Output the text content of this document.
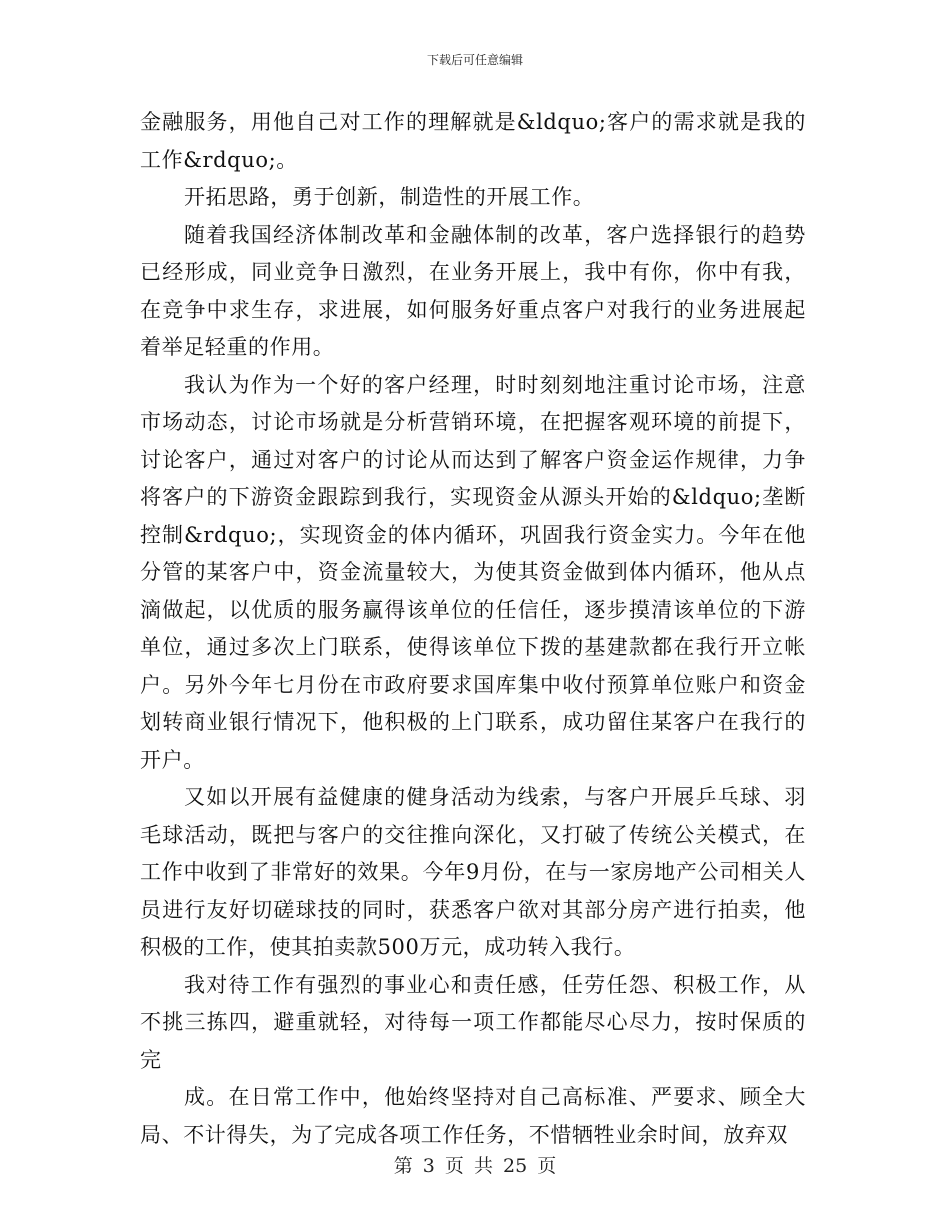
下载后可任意编辑

金融服务，用他自己对工作的理解就是&ldquo;客户的需求就是我的工作&rdquo;。

开拓思路，勇于创新，制造性的开展工作。

随着我国经济体制改革和金融体制的改革，客户选择银行的趋势已经形成，同业竞争日激烈，在业务开展上，我中有你，你中有我，在竞争中求生存，求进展，如何服务好重点客户对我行的业务进展起着举足轻重的作用。

我认为作为一个好的客户经理，时时刻刻地注重讨论市场，注意市场动态，讨论市场就是分析营销环境，在把握客观环境的前提下，讨论客户，通过对客户的讨论从而达到了解客户资金运作规律，力争将客户的下游资金跟踪到我行，实现资金从源头开始的&ldquo;垄断控制&rdquo;，实现资金的体内循环，巩固我行资金实力。今年在他分管的某客户中，资金流量较大，为使其资金做到体内循环，他从点滴做起，以优质的服务赢得该单位的任信任，逐步摸清该单位的下游单位，通过多次上门联系，使得该单位下拨的基建款都在我行开立帐户。另外今年七月份在市政府要求国库集中收付预算单位账户和资金划转商业银行情况下，他积极的上门联系，成功留住某客户在我行的开户。

又如以开展有益健康的健身活动为线索，与客户开展乒乓球、羽毛球活动，既把与客户的交往推向深化，又打破了传统公关模式，在工作中收到了非常好的效果。今年9月份，在与一家房地产公司相关人员进行友好切磋球技的同时，获悉客户欲对其部分房产进行拍卖，他积极的工作，使其拍卖款500万元，成功转入我行。

我对待工作有强烈的事业心和责任感，任劳任怨、积极工作，从不挑三拣四，避重就轻，对待每一项工作都能尽心尽力，按时保质的完

成。在日常工作中，他始终坚持对自己高标准、严要求、顾全大局、不计得失，为了完成各项工作任务，不惜牺牲业余时间，放弃双

第 3 页 共 25 页
